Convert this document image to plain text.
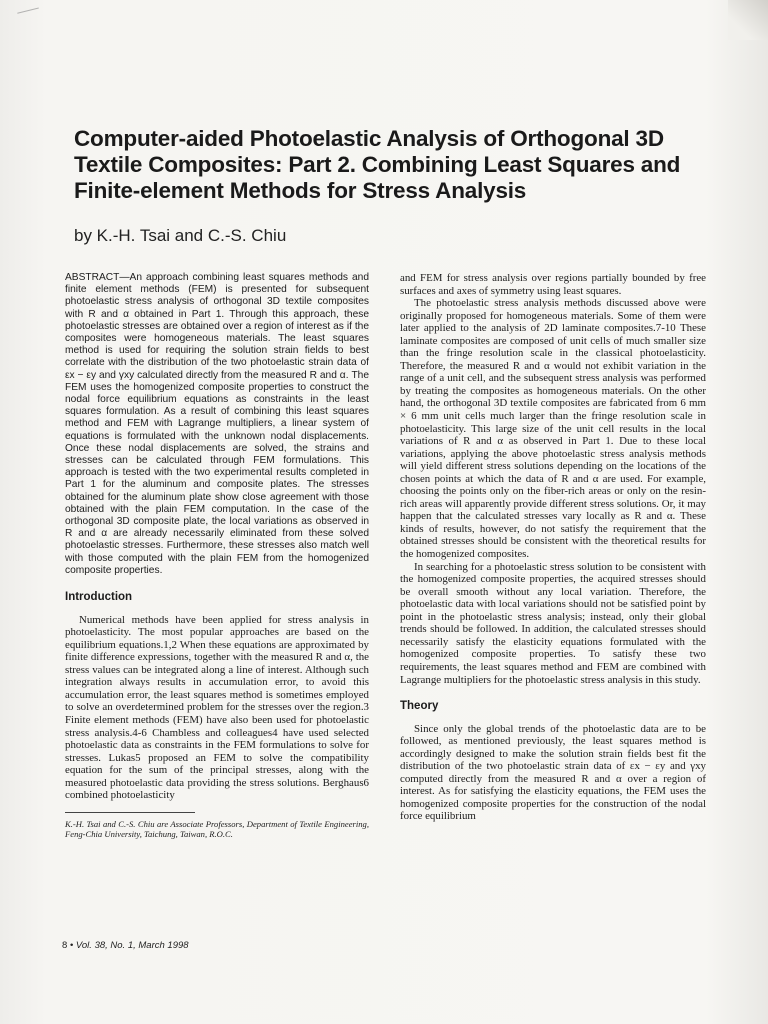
Computer-aided Photoelastic Analysis of Orthogonal 3D Textile Composites: Part 2. Combining Least Squares and Finite-element Methods for Stress Analysis
by K.-H. Tsai and C.-S. Chiu

ABSTRACT—An approach combining least squares methods and finite element methods (FEM) is presented for subsequent photoelastic stress analysis of orthogonal 3D textile composites with R and α obtained in Part 1. Through this approach, these photoelastic stresses are obtained over a region of interest as if the composites were homogeneous materials. The least squares method is used for requiring the solution strain fields to best correlate with the distribution of the two photoelastic strain data of εx − εy and γxy calculated directly from the measured R and α. The FEM uses the homogenized composite properties to construct the nodal force equilibrium equations as constraints in the least squares formulation. As a result of combining this least squares method and FEM with Lagrange multipliers, a linear system of equations is formulated with the unknown nodal displacements. Once these nodal displacements are solved, the strains and stresses can be calculated through FEM formulations. This approach is tested with the two experimental results completed in Part 1 for the aluminum and composite plates. The stresses obtained for the aluminum plate show close agreement with those obtained with the plain FEM computation. In the case of the orthogonal 3D composite plate, the local variations as observed in R and α are already necessarily eliminated from these solved photoelastic stresses. Furthermore, these stresses also match well with those computed with the plain FEM from the homogenized composite properties.

Introduction

Numerical methods have been applied for stress analysis in photoelasticity. The most popular approaches are based on the equilibrium equations.1,2 When these equations are approximated by finite difference expressions, together with the measured R and α, the stress values can be integrated along a line of interest. Although such integration always results in accumulation error, to avoid this accumulation error, the least squares method is sometimes employed to solve an overdetermined problem for the stresses over the region.3 Finite element methods (FEM) have also been used for photoelastic stress analysis.4-6 Chambless and colleagues4 have used selected photoelastic data as constraints in the FEM formulations to solve for stresses. Lukas5 proposed an FEM to solve the compatibility equation for the sum of the principal stresses, along with the measured photoelastic data providing the stress solutions. Berghaus6 combined photoelasticity

K.-H. Tsai and C.-S. Chiu are Associate Professors, Department of Textile Engineering, Feng-Chia University, Taichung, Taiwan, R.O.C.

and FEM for stress analysis over regions partially bounded by free surfaces and axes of symmetry using least squares.

The photoelastic stress analysis methods discussed above were originally proposed for homogeneous materials. Some of them were later applied to the analysis of 2D laminate composites.7-10 These laminate composites are composed of unit cells of much smaller size than the fringe resolution scale in the classical photoelasticity. Therefore, the measured R and α would not exhibit variation in the range of a unit cell, and the subsequent stress analysis was performed by treating the composites as homogeneous materials. On the other hand, the orthogonal 3D textile composites are fabricated from 6 mm × 6 mm unit cells much larger than the fringe resolution scale in photoelasticity. This large size of the unit cell results in the local variations of R and α as observed in Part 1. Due to these local variations, applying the above photoelastic stress analysis methods will yield different stress solutions depending on the locations of the chosen points at which the data of R and α are used. For example, choosing the points only on the fiber-rich areas or only on the resin-rich areas will apparently provide different stress solutions. Or, it may happen that the calculated stresses vary locally as R and α. These kinds of results, however, do not satisfy the requirement that the obtained stresses should be consistent with the theoretical results for the homogenized composites.

In searching for a photoelastic stress solution to be consistent with the homogenized composite properties, the acquired stresses should be overall smooth without any local variation. Therefore, the photoelastic data with local variations should not be satisfied point by point in the photoelastic stress analysis; instead, only their global trends should be followed. In addition, the calculated stresses should necessarily satisfy the elasticity equations formulated with the homogenized composite properties. To satisfy these two requirements, the least squares method and FEM are combined with Lagrange multipliers for the photoelastic stress analysis in this study.

Theory

Since only the global trends of the photoelastic data are to be followed, as mentioned previously, the least squares method is accordingly designed to make the solution strain fields best fit the distribution of the two photoelastic strain data of εx − εy and γxy computed directly from the measured R and α over a region of interest. As for satisfying the elasticity equations, the FEM uses the homogenized composite properties for the construction of the nodal force equilibrium

8 • Vol. 38, No. 1, March 1998
